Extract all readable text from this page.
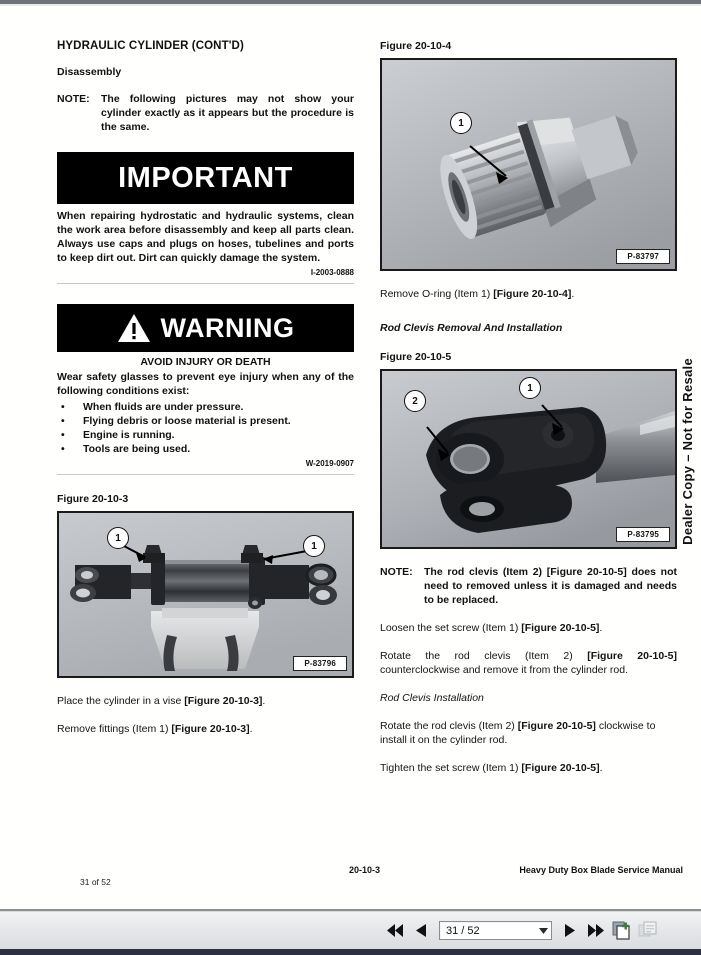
HYDRAULIC CYLINDER (CONT'D)
Disassembly
NOTE: The following pictures may not show your cylinder exactly as it appears but the procedure is the same.
IMPORTANT
When repairing hydrostatic and hydraulic systems, clean the work area before disassembly and keep all parts clean. Always use caps and plugs on hoses, tubelines and ports to keep dirt out. Dirt can quickly damage the system.
I-2003-0888
WARNING
AVOID INJURY OR DEATH
Wear safety glasses to prevent eye injury when any of the following conditions exist:
• When fluids are under pressure.
• Flying debris or loose material is present.
• Engine is running.
• Tools are being used.
W-2019-0907
Figure 20-10-3
1
1
P-83796
Place the cylinder in a vise [Figure 20-10-3].
Remove fittings (Item 1) [Figure 20-10-3].
Figure 20-10-4
1
P-83797
Remove O-ring (Item 1) [Figure 20-10-4].
Rod Clevis Removal And Installation
Figure 20-10-5
2
1
P-83795
NOTE: The rod clevis (Item 2) [Figure 20-10-5] does not need to removed unless it is damaged and needs to be replaced.
Loosen the set screw (Item 1) [Figure 20-10-5].
Rotate the rod clevis (Item 2) [Figure 20-10-5] counterclockwise and remove it from the cylinder rod.
Rod Clevis Installation
Rotate the rod clevis (Item 2) [Figure 20-10-5] clockwise to install it on the cylinder rod.
Tighten the set screw (Item 1) [Figure 20-10-5].
Dealer Copy – Not for Resale
31 of 52
20-10-3	Heavy Duty Box Blade Service Manual
31 / 52
